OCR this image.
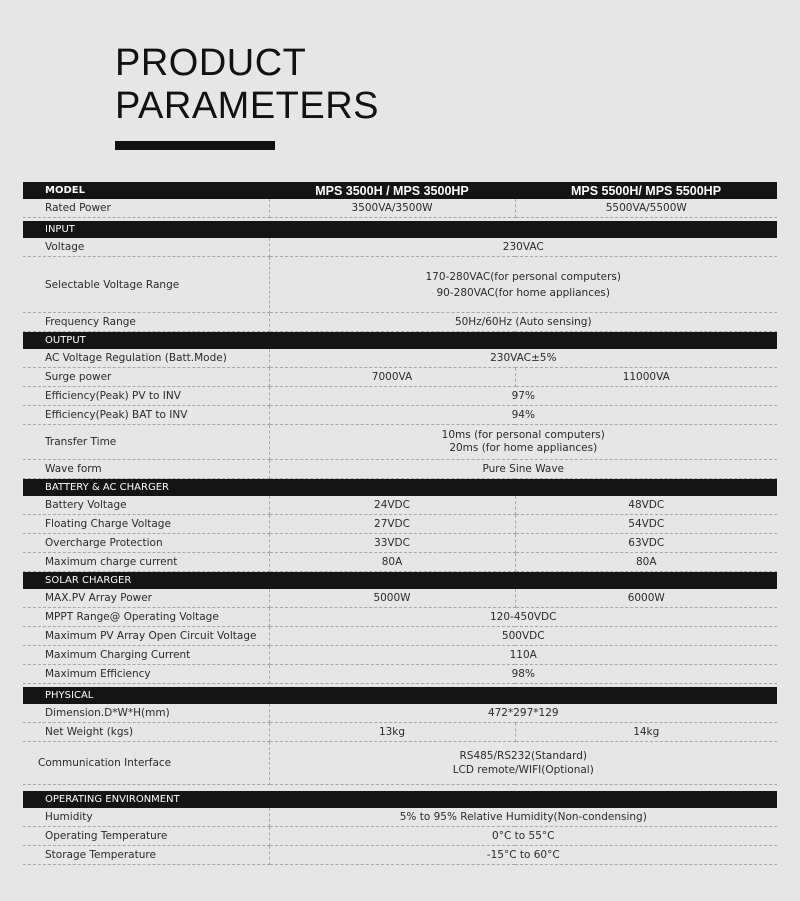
PRODUCT
PARAMETERS
MODEL	MPS 3500H / MPS 3500HP	MPS 5500H/ MPS 5500HP
Rated Power	3500VA/3500W	5500VA/5500W

INPUT		
Voltage	230VAC	
Selectable Voltage Range	170-280VAC(for personal computers)
90-280VAC(for home appliances)	

Frequency Range	50Hz/60Hz (Auto sensing)	
OUTPUT		
AC Voltage Regulation (Batt.Mode)	230VAC±5%	
Surge power	7000VA	11000VA
Efficiency(Peak) PV to INV	97%	
Efficiency(Peak) BAT to INV	94%	
Transfer Time	10ms (for personal computers)
20ms (for home appliances)	

Wave form	Pure Sine Wave	
BATTERY & AC CHARGER		
Battery Voltage	24VDC	48VDC
Floating Charge Voltage	27VDC	54VDC
Overcharge Protection	33VDC	63VDC
Maximum charge current	80A	80A
SOLAR CHARGER		
MAX.PV Array Power	5000W	6000W
MPPT Range@ Operating Voltage	120-450VDC	
Maximum PV Array Open Circuit Voltage	500VDC	
Maximum Charging Current	110A	
Maximum Efficiency	98%	

PHYSICAL		
Dimension.D*W*H(mm)	472*297*129	
Net Weight (kgs)	13kg	14kg
Communication Interface	RS485/RS232(Standard)
LCD remote/WIFI(Optional)	

OPERATING ENVIRONMENT		
Humidity	5% to 95% Relative Humidity(Non-condensing)	
Operating Temperature	0°C to 55°C	
Storage Temperature	-15°C to 60°C	
